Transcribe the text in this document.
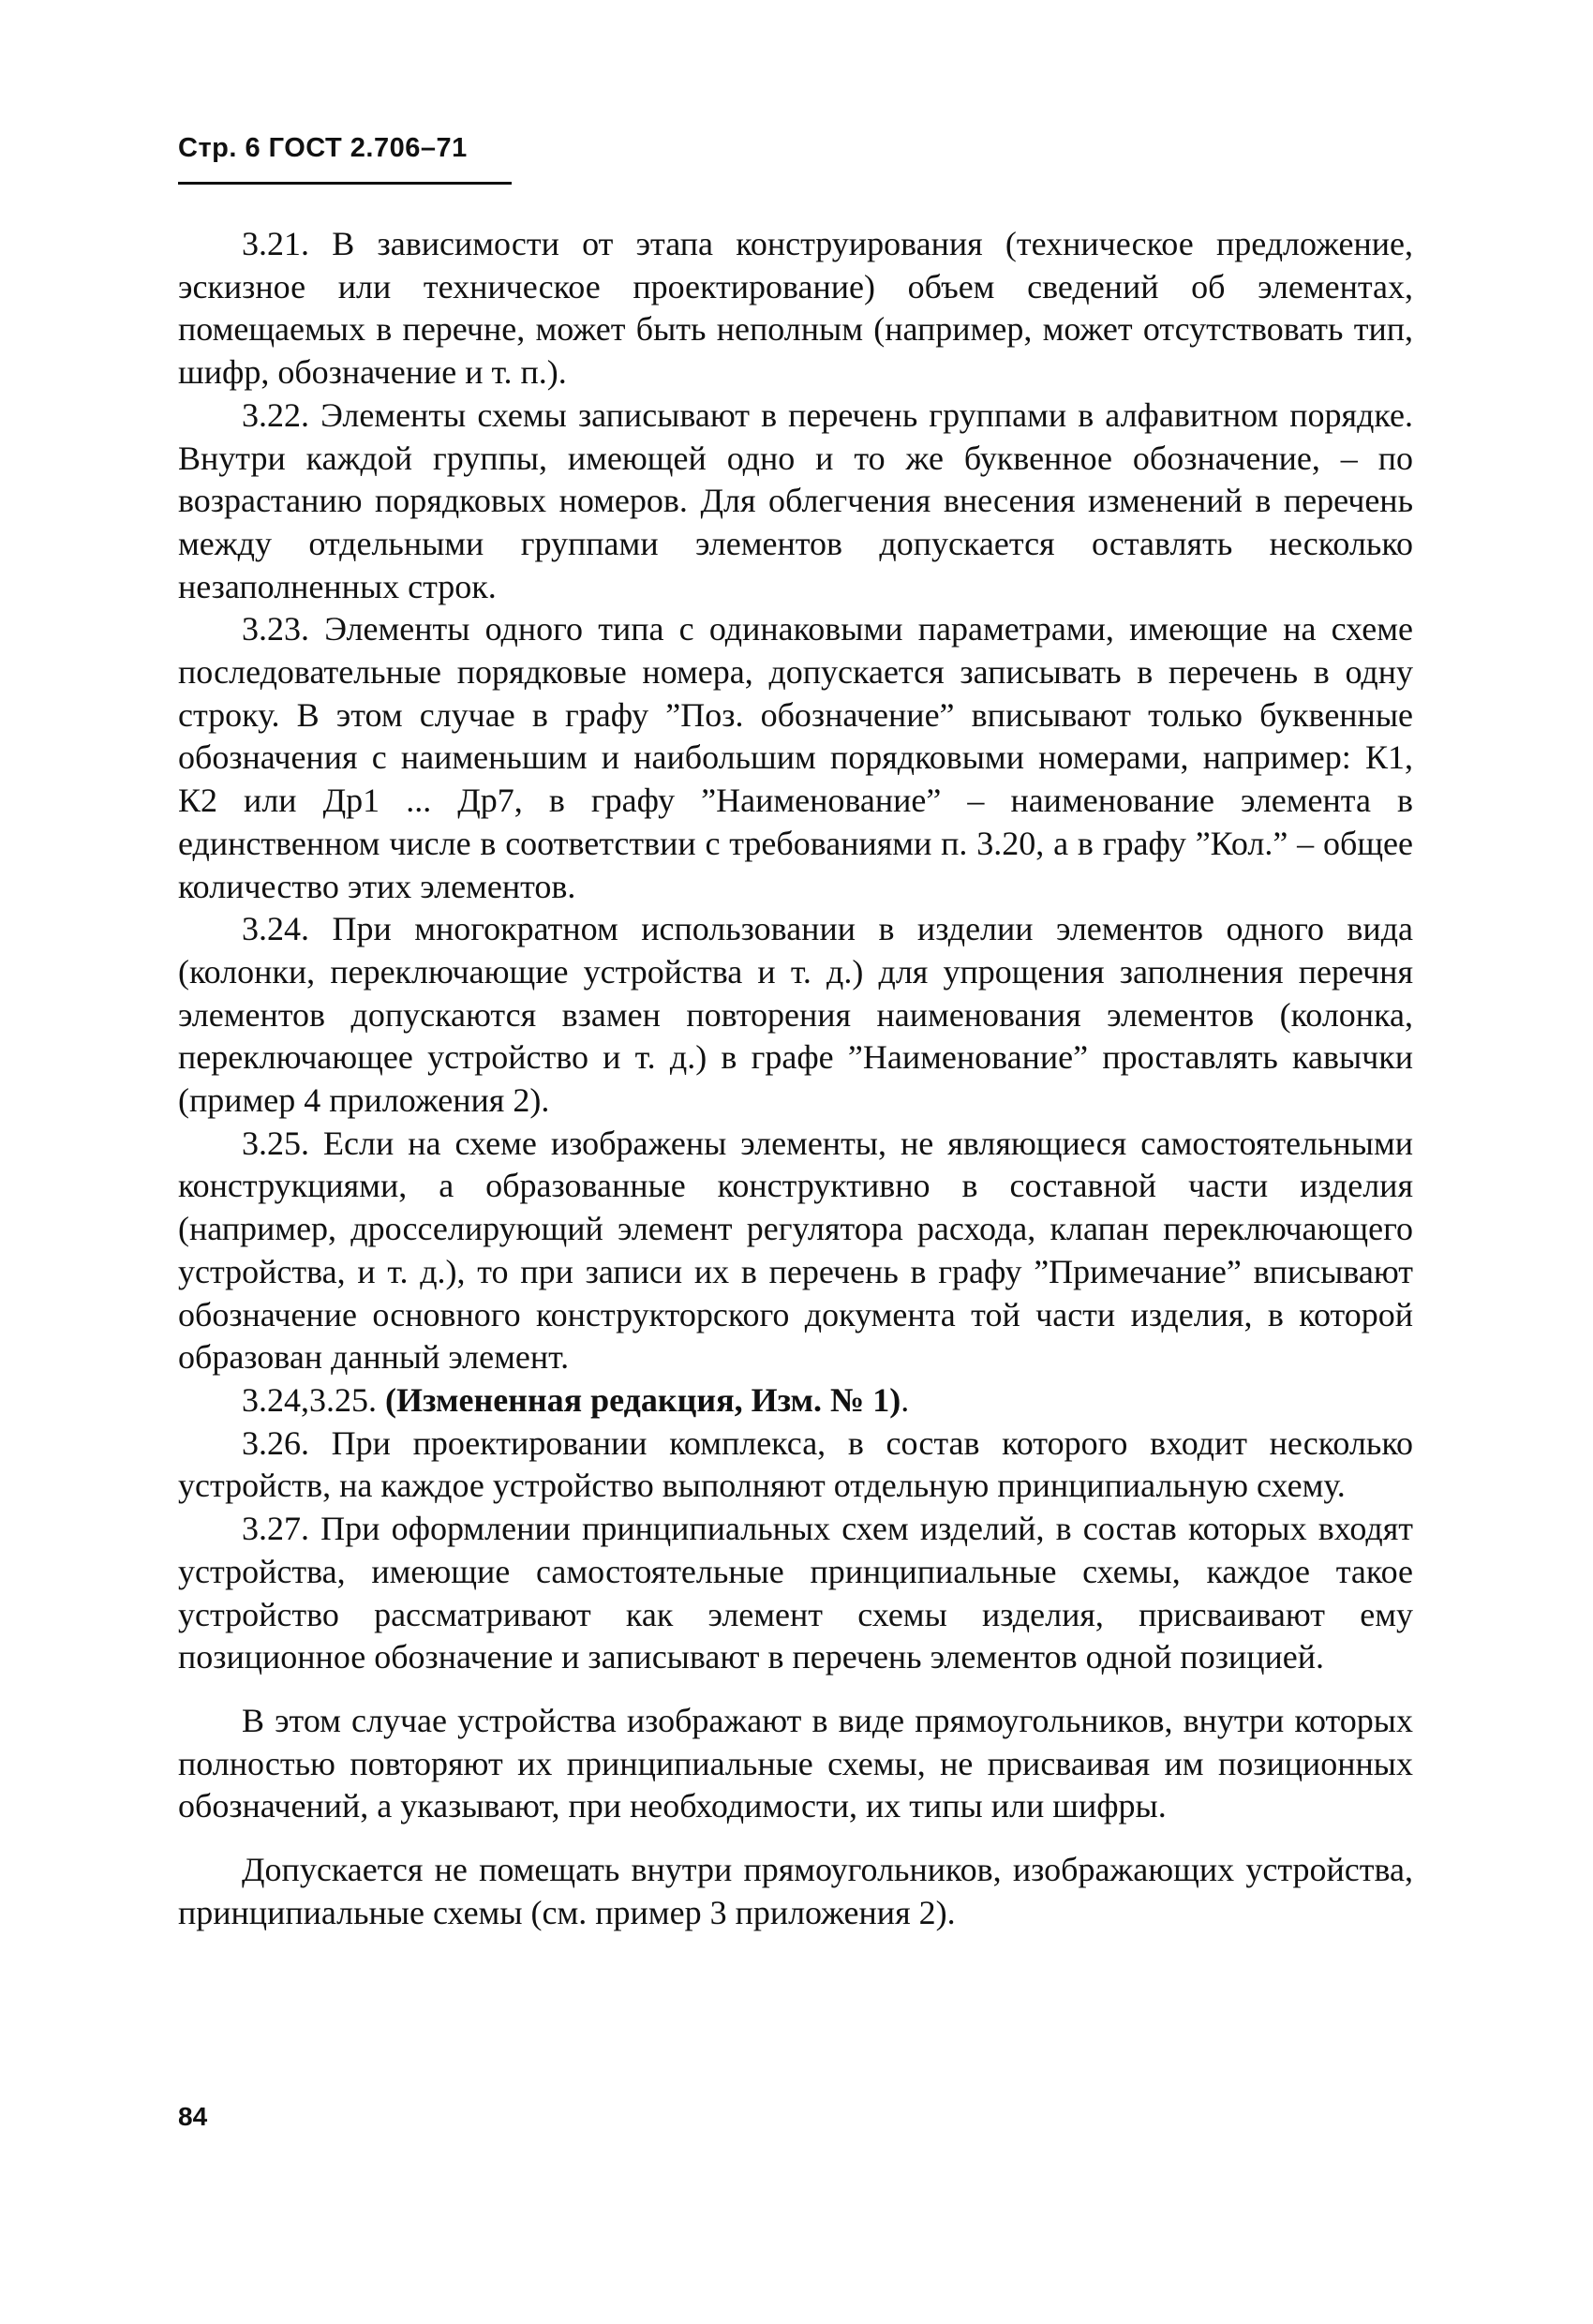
Стр. 6 ГОСТ 2.706–71

3.21. В зависимости от этапа конструирования (техническое предложение, эскизное или техническое проектирование) объем сведений об элементах, помещаемых в перечне, может быть неполным (например, может отсутствовать тип, шифр, обозначение и т. п.).

3.22. Элементы схемы записывают в перечень группами в алфавитном порядке. Внутри каждой группы, имеющей одно и то же буквенное обозначение, – по возрастанию порядковых номеров. Для облегчения внесения изменений в перечень между отдельными группами элементов допускается оставлять несколько незаполненных строк.

3.23. Элементы одного типа с одинаковыми параметрами, имеющие на схеме последовательные порядковые номера, допускается записывать в перечень в одну строку. В этом случае в графу ”Поз. обозначение” вписывают только буквенные обозначения с наименьшим и наибольшим порядковыми номерами, например: К1, К2 или Др1 ... Др7, в графу ”Наименование” – наименование элемента в единственном числе в соответствии с требованиями п. 3.20, а в графу ”Кол.” – общее количество этих элементов.

3.24. При многократном использовании в изделии элементов одного вида (колонки, переключающие устройства и т. д.) для упрощения заполнения перечня элементов допускаются взамен повторения наименования элементов (колонка, переключающее устройство и т. д.) в графе ”Наименование” проставлять кавычки (пример 4 приложения 2).

3.25. Если на схеме изображены элементы, не являющиеся самостоятельными конструкциями, а образованные конструктивно в составной части изделия (например, дросселирующий элемент регулятора расхода, клапан переключающего устройства, и т. д.), то при записи их в перечень в графу ”Примечание” вписывают обозначение основного конструкторского документа той части изделия, в которой образован данный элемент.

3.24,3.25. (Измененная редакция, Изм. № 1).

3.26. При проектировании комплекса, в состав которого входит несколько устройств, на каждое устройство выполняют отдельную принципиальную схему.

3.27. При оформлении принципиальных схем изделий, в состав которых входят устройства, имеющие самостоятельные принципиальные схемы, каждое такое устройство рассматривают как элемент схемы изделия, присваивают ему позиционное обозначение и записывают в перечень элементов одной позицией.

В этом случае устройства изображают в виде прямоугольников, внутри которых полностью повторяют их принципиальные схемы, не присваивая им позиционных обозначений, а указывают, при необходимости, их типы или шифры.

Допускается не помещать внутри прямоугольников, изображающих устройства, принципиальные схемы (см. пример 3 приложения 2).

84
